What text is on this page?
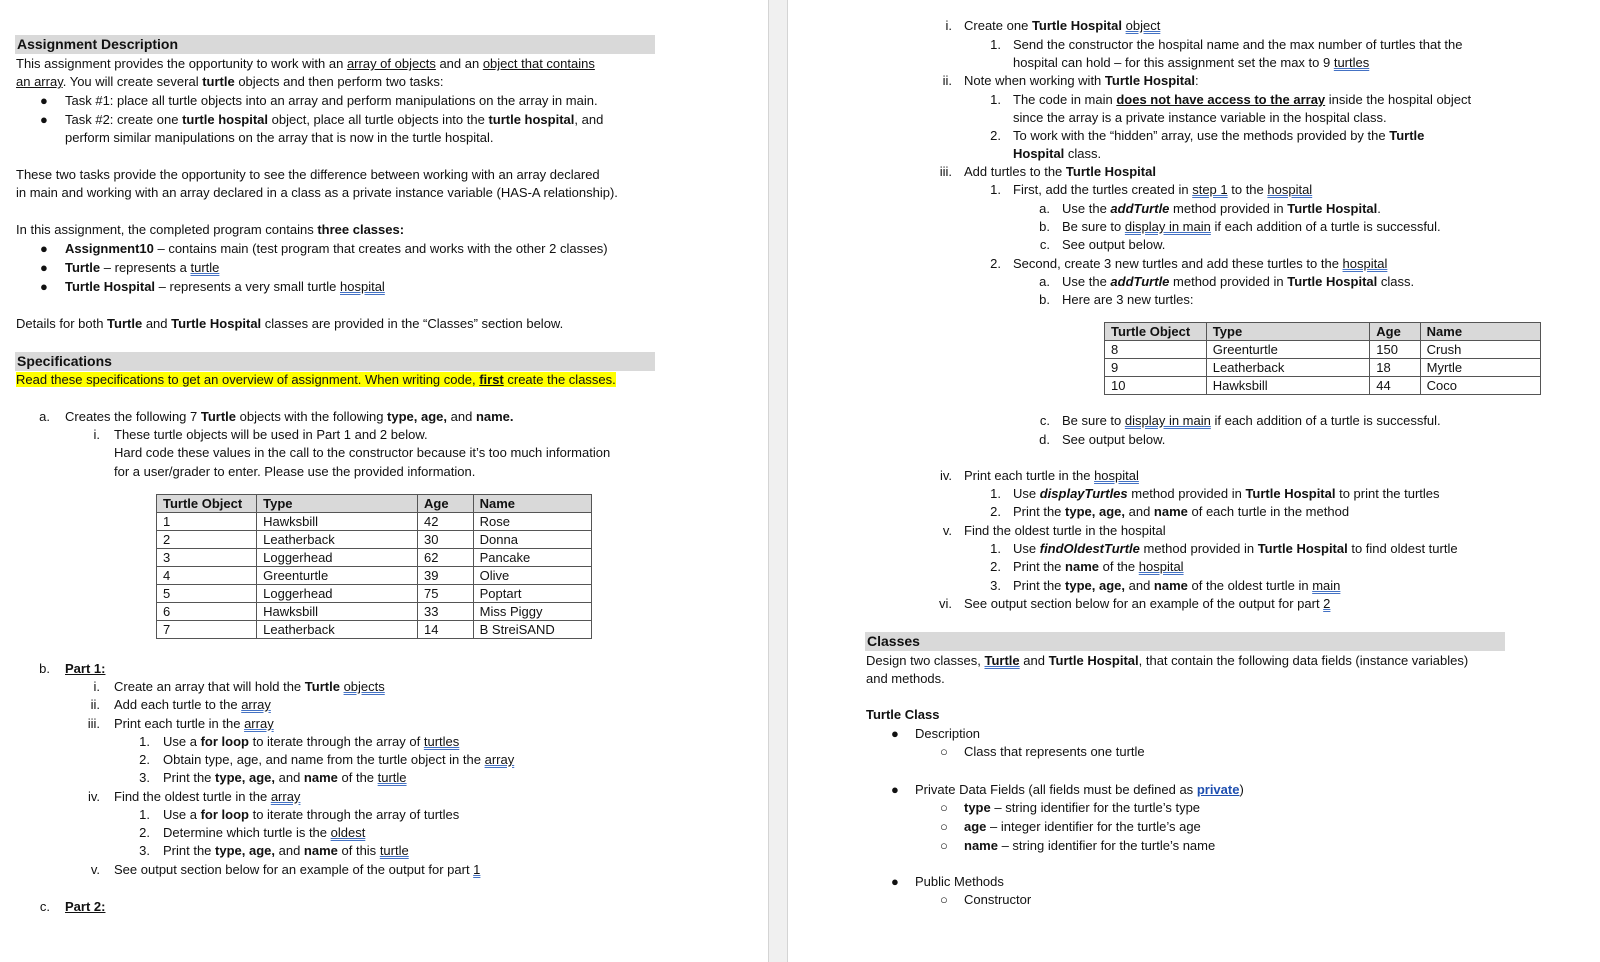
Assignment Description
This assignment provides the opportunity to work with an array of objects and an object that contains
an array. You will create several turtle objects and then perform two tasks:
● Task #1: place all turtle objects into an array and perform manipulations on the array in main.
● Task #2: create one turtle hospital object, place all turtle objects into the turtle hospital, and
perform similar manipulations on the array that is now in the turtle hospital.
These two tasks provide the opportunity to see the difference between working with an array declared
in main and working with an array declared in a class as a private instance variable (HAS-A relationship).
In this assignment, the completed program contains three classes:
● Assignment10 – contains main (test program that creates and works with the other 2 classes)
● Turtle – represents a turtle
● Turtle Hospital – represents a very small turtle hospital
Details for both Turtle and Turtle Hospital classes are provided in the “Classes” section below.
Specifications
Read these specifications to get an overview of assignment. When writing code, first create the classes.
a. Creates the following 7 Turtle objects with the following type, age, and name.
i. These turtle objects will be used in Part 1 and 2 below.
Hard code these values in the call to the constructor because it’s too much information
for a user/grader to enter. Please use the provided information.
Turtle Object	Type	Age	Name
1	Hawksbill	42	Rose
2	Leatherback	30	Donna
3	Loggerhead	62	Pancake
4	Greenturtle	39	Olive
5	Loggerhead	75	Poptart
6	Hawksbill	33	Miss Piggy
7	Leatherback	14	B StreiSAND
b. Part 1:
i. Create an array that will hold the Turtle objects
ii. Add each turtle to the array
iii. Print each turtle in the array
1. Use a for loop to iterate through the array of turtles
2. Obtain type, age, and name from the turtle object in the array
3. Print the type, age, and name of the turtle
iv. Find the oldest turtle in the array
1. Use a for loop to iterate through the array of turtles
2. Determine which turtle is the oldest
3. Print the type, age, and name of this turtle
v. See output section below for an example of the output for part 1
c. Part 2:
i. Create one Turtle Hospital object
1. Send the constructor the hospital name and the max number of turtles that the
hospital can hold – for this assignment set the max to 9 turtles
ii. Note when working with Turtle Hospital:
1. The code in main does not have access to the array inside the hospital object
since the array is a private instance variable in the hospital class.
2. To work with the “hidden” array, use the methods provided by the Turtle
Hospital class.
iii. Add turtles to the Turtle Hospital
1. First, add the turtles created in step 1 to the hospital
a. Use the addTurtle method provided in Turtle Hospital.
b. Be sure to display in main if each addition of a turtle is successful.
c. See output below.
2. Second, create 3 new turtles and add these turtles to the hospital
a. Use the addTurtle method provided in Turtle Hospital class.
b. Here are 3 new turtles:
Turtle Object	Type	Age	Name
8	Greenturtle	150	Crush
9	Leatherback	18	Myrtle
10	Hawksbill	44	Coco
c. Be sure to display in main if each addition of a turtle is successful.
d. See output below.
iv. Print each turtle in the hospital
1. Use displayTurtles method provided in Turtle Hospital to print the turtles
2. Print the type, age, and name of each turtle in the method
v. Find the oldest turtle in the hospital
1. Use findOldestTurtle method provided in Turtle Hospital to find oldest turtle
2. Print the name of the hospital
3. Print the type, age, and name of the oldest turtle in main
vi. See output section below for an example of the output for part 2
Classes
Design two classes, Turtle and Turtle Hospital, that contain the following data fields (instance variables)
and methods.
Turtle Class
● Description
○ Class that represents one turtle
● Private Data Fields (all fields must be defined as private)
○ type – string identifier for the turtle’s type
○ age – integer identifier for the turtle’s age
○ name – string identifier for the turtle’s name
● Public Methods
○ Constructor
